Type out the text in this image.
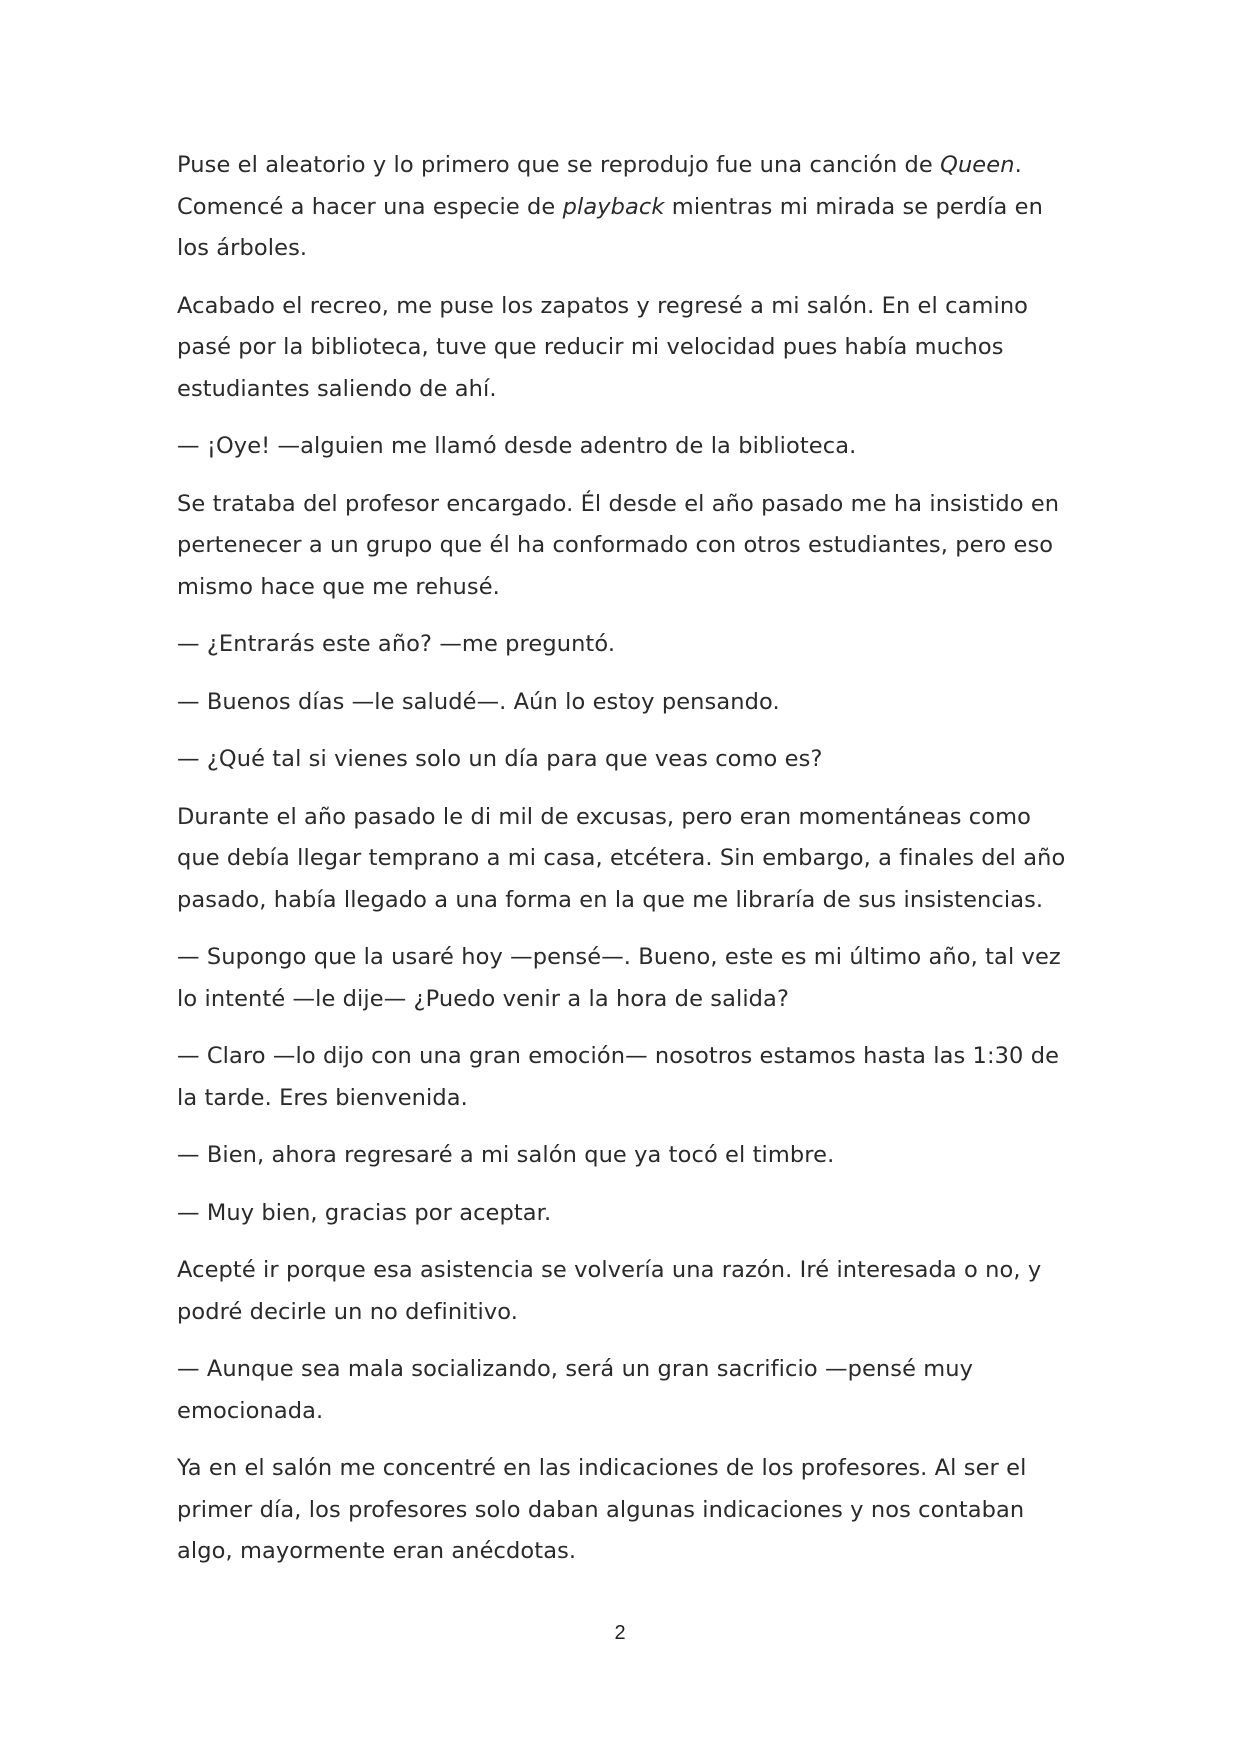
Puse el aleatorio y lo primero que se reprodujo fue una canción de Queen. Comencé a hacer una especie de playback mientras mi mirada se perdía en los árboles.

Acabado el recreo, me puse los zapatos y regresé a mi salón. En el camino pasé por la biblioteca, tuve que reducir mi velocidad pues había muchos estudiantes saliendo de ahí.

— ¡Oye! —alguien me llamó desde adentro de la biblioteca.

Se trataba del profesor encargado. Él desde el año pasado me ha insistido en pertenecer a un grupo que él ha conformado con otros estudiantes, pero eso mismo hace que me rehusé.

— ¿Entrarás este año? —me preguntó.

— Buenos días —le saludé—. Aún lo estoy pensando.

— ¿Qué tal si vienes solo un día para que veas como es?

Durante el año pasado le di mil de excusas, pero eran momentáneas como que debía llegar temprano a mi casa, etcétera. Sin embargo, a finales del año pasado, había llegado a una forma en la que me libraría de sus insistencias.

— Supongo que la usaré hoy —pensé—. Bueno, este es mi último año, tal vez lo intenté —le dije— ¿Puedo venir a la hora de salida?

— Claro —lo dijo con una gran emoción— nosotros estamos hasta las 1:30 de la tarde. Eres bienvenida.

— Bien, ahora regresaré a mi salón que ya tocó el timbre.

— Muy bien, gracias por aceptar.

Acepté ir porque esa asistencia se volvería una razón. Iré interesada o no, y podré decirle un no definitivo.

— Aunque sea mala socializando, será un gran sacrificio —pensé muy emocionada.

Ya en el salón me concentré en las indicaciones de los profesores. Al ser el primer día, los profesores solo daban algunas indicaciones y nos contaban algo, mayormente eran anécdotas.

2
